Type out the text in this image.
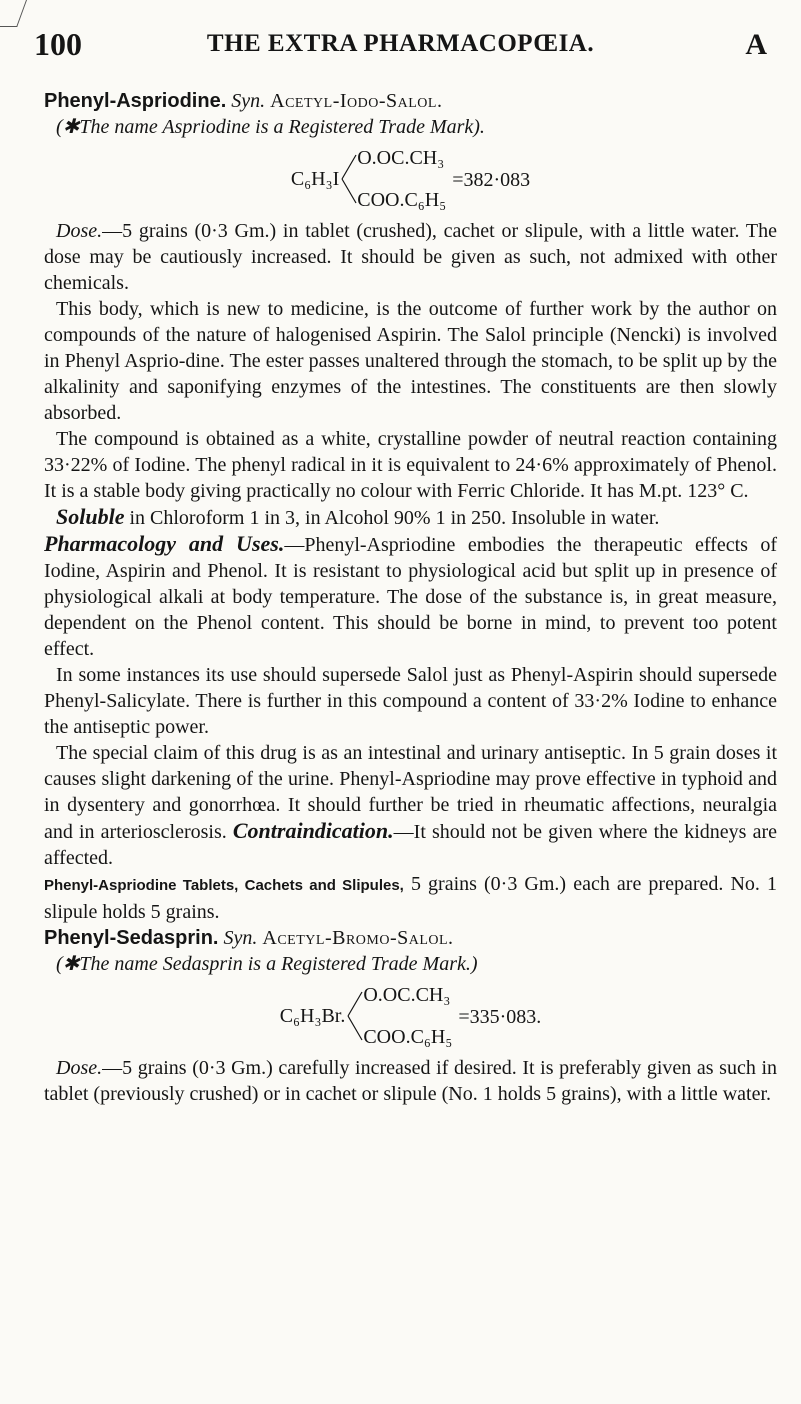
100	THE EXTRA PHARMACOPŒIA.	A

Phenyl-Aspriodine. Syn. Acetyl-Iodo-Salol.

(✱The name Aspriodine is a Registered Trade Mark).

C₆H₃I
O.OC.CH₃
COO.C₆H₅
=382·083

Dose.—5 grains (0·3 Gm.) in tablet (crushed), cachet or slipule, with a little water. The dose may be cautiously increased. It should be given as such, not admixed with other chemicals.

This body, which is new to medicine, is the outcome of further work by the author on compounds of the nature of halogenised Aspirin. The Salol principle (Nencki) is involved in Phenyl Asprio-dine. The ester passes unaltered through the stomach, to be split up by the alkalinity and saponifying enzymes of the intestines. The constituents are then slowly absorbed.

The compound is obtained as a white, crystalline powder of neutral reaction containing 33·22% of Iodine. The phenyl radical in it is equivalent to 24·6% approximately of Phenol. It is a stable body giving practically no colour with Ferric Chloride. It has M.pt. 123° C.

Soluble in Chloroform 1 in 3, in Alcohol 90% 1 in 250. Insoluble in water.

Pharmacology and Uses.—Phenyl-Aspriodine embodies the therapeutic effects of Iodine, Aspirin and Phenol. It is resistant to physiological acid but split up in presence of physiological alkali at body temperature. The dose of the substance is, in great measure, dependent on the Phenol content. This should be borne in mind, to prevent too potent effect.

In some instances its use should supersede Salol just as Phenyl-Aspirin should supersede Phenyl-Salicylate. There is further in this compound a content of 33·2% Iodine to enhance the antiseptic power.

The special claim of this drug is as an intestinal and urinary antiseptic. In 5 grain doses it causes slight darkening of the urine. Phenyl-Aspriodine may prove effective in typhoid and in dysentery and gonorrhœa. It should further be tried in rheumatic affections, neuralgia and in arteriosclerosis. Contraindication.—It should not be given where the kidneys are affected.

Phenyl-Aspriodine Tablets, Cachets and Slipules, 5 grains (0·3 Gm.) each are prepared. No. 1 slipule holds 5 grains.

Phenyl-Sedasprin. Syn. Acetyl-Bromo-Salol.

(✱The name Sedasprin is a Registered Trade Mark.)

C₆H₃Br.
O.OC.CH₃
COO.C₆H₅
=335·083.

Dose.—5 grains (0·3 Gm.) carefully increased if desired. It is preferably given as such in tablet (previously crushed) or in cachet or slipule (No. 1 holds 5 grains), with a little water.
